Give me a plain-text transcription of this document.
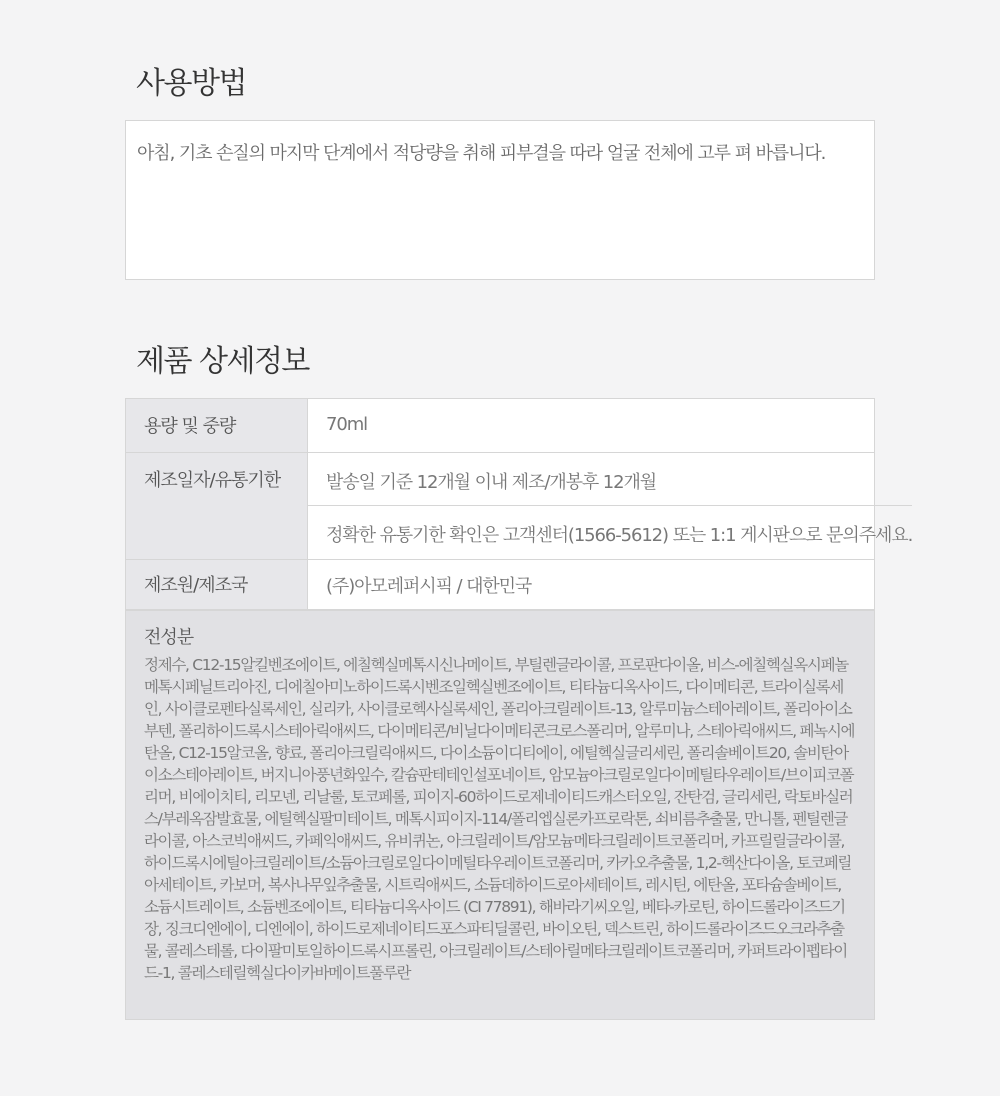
사용방법
아침, 기초 손질의 마지막 단계에서 적당량을 취해 피부결을 따라 얼굴 전체에 고루 펴 바릅니다.
제품 상세정보
용량 및 중량	70ml
제조일자/유통기한	발송일 기준 12개월 이내 제조/개봉후 12개월
정확한 유통기한 확인은 고객센터(1566-5612) 또는 1:1 게시판으로 문의주세요.
제조원/제조국	(주)아모레퍼시픽 / 대한민국
전성분
정제수, C12-15알킬벤조에이트, 에칠헥실메톡시신나메이트, 부틸렌글라이콜, 프로판다이올, 비스-에칠헥실옥시페놀메톡시페닐트리아진, 디에칠아미노하이드록시벤조일헥실벤조에이트, 티타늄디옥사이드, 다이메티콘, 트라이실록세인, 사이클로펜타실록세인, 실리카, 사이클로헥사실록세인, 폴리아크릴레이트-13, 알루미늄스테아레이트, 폴리아이소부텐, 폴리하이드록시스테아릭애씨드, 다이메티콘/비닐다이메티콘크로스폴리머, 알루미나, 스테아릭애씨드, 페녹시에탄올, C12-15알코올, 향료, 폴리아크릴릭애씨드, 다이소듐이디티에이, 에틸헥실글리세린, 폴리솔베이트20, 솔비탄아이소스테아레이트, 버지니아풍년화잎수, 칼슘판테테인설포네이트, 암모늄아크릴로일다이메틸타우레이트/브이피코폴리머, 비에이치티, 리모넨, 리날룰, 토코페롤, 피이지-60하이드로제네이티드캐스터오일, 잔탄검, 글리세린, 락토바실러스/부레옥잠발효물, 에틸헥실팔미테이트, 메톡시피이지-114/폴리엡실론카프로락톤, 쇠비름추출물, 만니톨, 펜틸렌글라이콜, 아스코빅애씨드, 카페익애씨드, 유비퀴논, 아크릴레이트/암모늄메타크릴레이트코폴리머, 카프릴릴글라이콜, 하이드록시에틸아크릴레이트/소듐아크릴로일다이메틸타우레이트코폴리머, 카카오추출물, 1,2-헥산다이올, 토코페릴아세테이트, 카보머, 복사나무잎추출물, 시트릭애씨드, 소듐데하이드로아세테이트, 레시틴, 에탄올, 포타슘솔베이트, 소듐시트레이트, 소듐벤조에이트, 티타늄디옥사이드 (CI 77891), 해바라기씨오일, 베타-카로틴, 하이드롤라이즈드기장, 징크디엔에이, 디엔에이, 하이드로제네이티드포스파티딜콜린, 바이오틴, 덱스트린, 하이드롤라이즈드오크라추출물, 콜레스테롤, 다이팔미토일하이드록시프롤린, 아크릴레이트/스테아릴메타크릴레이트코폴리머, 카퍼트라이펩타이드-1, 콜레스테릴헥실다이카바메이트풀루란
